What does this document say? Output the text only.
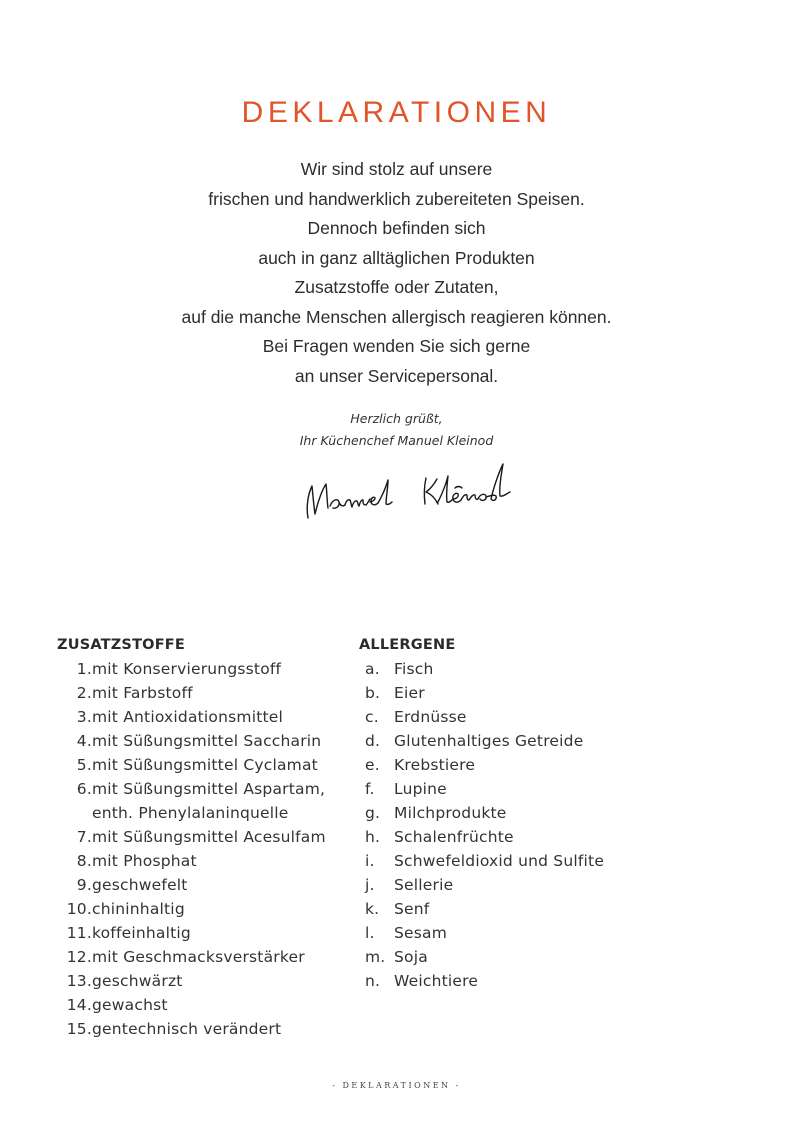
DEKLARATIONEN
Wir sind stolz auf unsere
frischen und handwerklich zubereiteten Speisen.
Dennoch befinden sich
auch in ganz alltäglichen Produkten
Zusatzstoffe oder Zutaten,
auf die manche Menschen allergisch reagieren können.
Bei Fragen wenden Sie sich gerne
an unser Servicepersonal.
Herzlich grüßt,
Ihr Küchenchef Manuel Kleinod
ZUSATZSTOFFE
1. mit Konservierungsstoff
2. mit Farbstoff
3. mit Antioxidationsmittel
4. mit Süßungsmittel Saccharin
5. mit Süßungsmittel Cyclamat
6. mit Süßungsmittel Aspartam,
enth. Phenylalaninquelle
7. mit Süßungsmittel Acesulfam
8. mit Phosphat
9. geschwefelt
10. chininhaltig
11. koffeinhaltig
12. mit Geschmacksverstärker
13. geschwärzt
14. gewachst
15. gentechnisch verändert
ALLERGENE
a. Fisch
b. Eier
c. Erdnüsse
d. Glutenhaltiges Getreide
e. Krebstiere
f.	Lupine
g. Milchprodukte
h. Schalenfrüchte
i.	Schwefeldioxid und Sulfite
j.	Sellerie
k. Senf
l.	Sesam
m. Soja
n. Weichtiere
- DEKLARATIONEN -
